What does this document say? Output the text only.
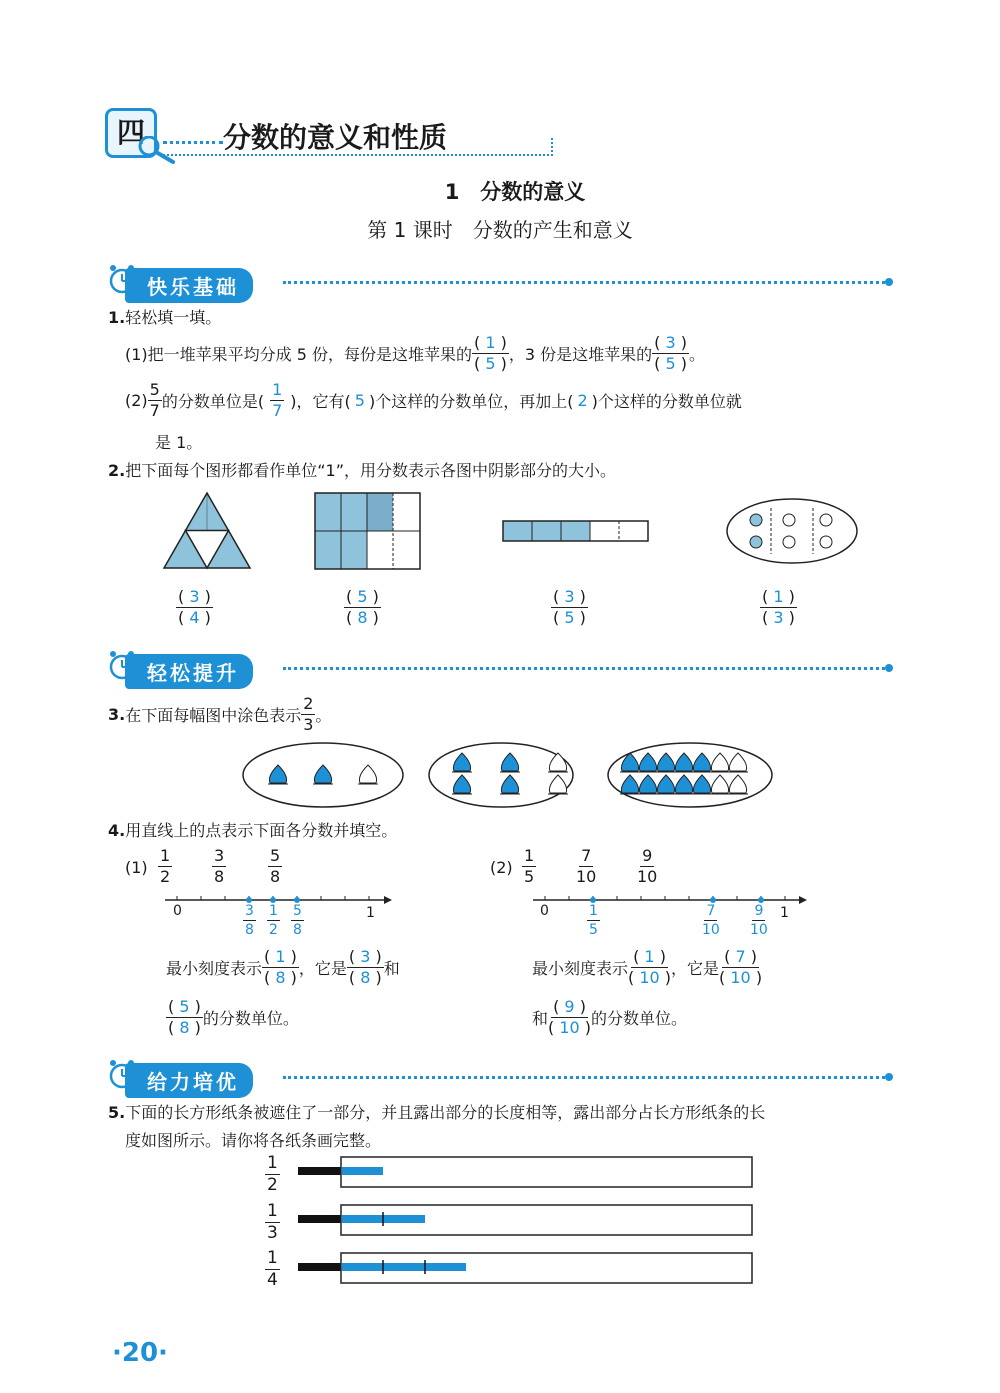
四	分数的意义和性质
1　分数的意义
第 1 课时　分数的产生和意义
快乐基础
1.轻松填一填。
(1)把一堆苹果平均分成 5 份，每份是这堆苹果的
( 1 )
( 5 ) ，3 份是这堆苹果的
( 3 )
( 5 ) 。
$(2) \frac{5}{7}$ 的分数单位是( $\frac{1}{7}$ )，它有( 5 )个这样的分数单位，再加上( 2 )个这样的分数单位就
是 1。
2.把下面每个图形都看作单位“1”，用分数表示各图中阴影部分的大小。
( 3 )
( 4 )
( 5 )
( 8 )
( 3 )
( 5 )
( 1 )
( 3 )
轻松提升
3. 在下面每幅图中涂色表示 $\frac{2}{3}$ 。
4.用直线上的点表示下面各分数并填空。
$(1) \frac{1}{2} \frac{3}{8}$	$\frac{5}{8}$
0	1
$\frac{3}{8} \frac{1}{2} \frac{5}{8}$
最小刻度表示
( 1 )
( 8 ) ，它是
( 3 )
( 8 ) 和
( 5 )
( 8 ) 的分数单位。
$(2) \frac{1}{5} \frac{7}{10}$	$\frac{9}{10}$
0	1
$\frac{1}{5}$	$\frac{7}{10} \frac{9}{10}$
最小刻度表示
( 1 )
( 10 ) ，它是
( 7 )
( 10 )
和
( 9 )
( 10 ) 的分数单位。
给力培优
5.下面的长方形纸条被遮住了一部分，并且露出部分的长度相等，露出部分占长方形纸条的长
度如图所示。请你将各纸条画完整。
$\frac{1}{2}$
$\frac{1}{3}$
$\frac{1}{4}$
·20·
